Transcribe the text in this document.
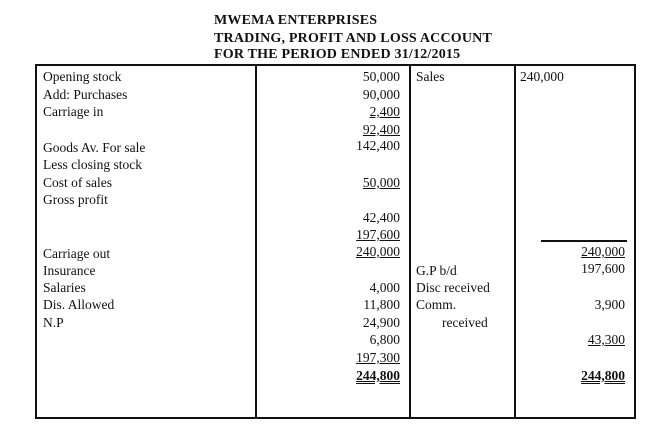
MWEMA ENTERPRISES
TRADING, PROFIT AND LOSS ACCOUNT
FOR THE PERIOD ENDED 31/12/2015
Opening stock
Add: Purchases
Carriage in
Goods Av. For sale
Less closing stock
Cost of sales
Gross profit
Carriage out
Insurance
Salaries
Dis. Allowed
N.P
50,000
90,000
2,400
92,400
142,400
50,000
42,400
197,600
240,000
4,000
11,800
24,900
6,800
197,300
244,800
Sales
G.P b/d
Disc received
Comm.
received
240,000
240,000
197,600
3,900
43,300
244,800
